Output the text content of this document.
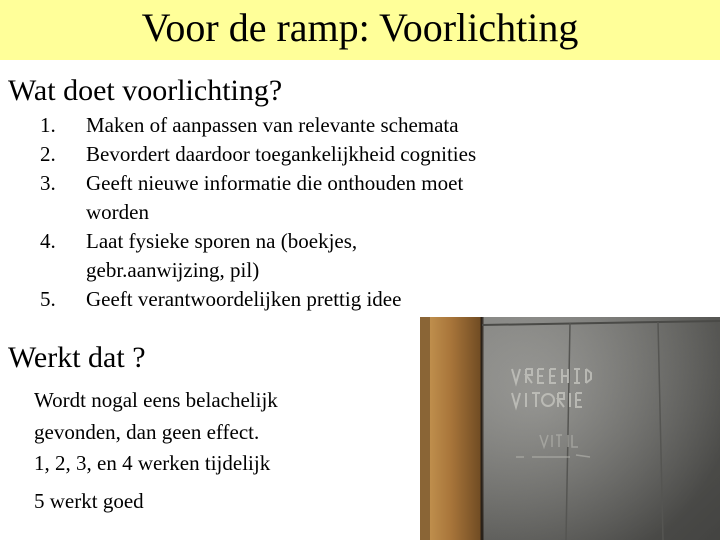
Voor de ramp: Voorlichting
Wat doet voorlichting?
1.	Maken of aanpassen van relevante schemata
2.	Bevordert daardoor toegankelijkheid cognities
3.	Geeft nieuwe informatie die onthouden moet worden
4.	Laat fysieke sporen na (boekjes, gebr.aanwijzing, pil)
5.	Geeft verantwoordelijken prettig idee
Werkt dat ?
Wordt nogal eens belachelijk gevonden, dan geen effect.
1, 2, 3, en 4 werken tijdelijk
5 werkt goed
